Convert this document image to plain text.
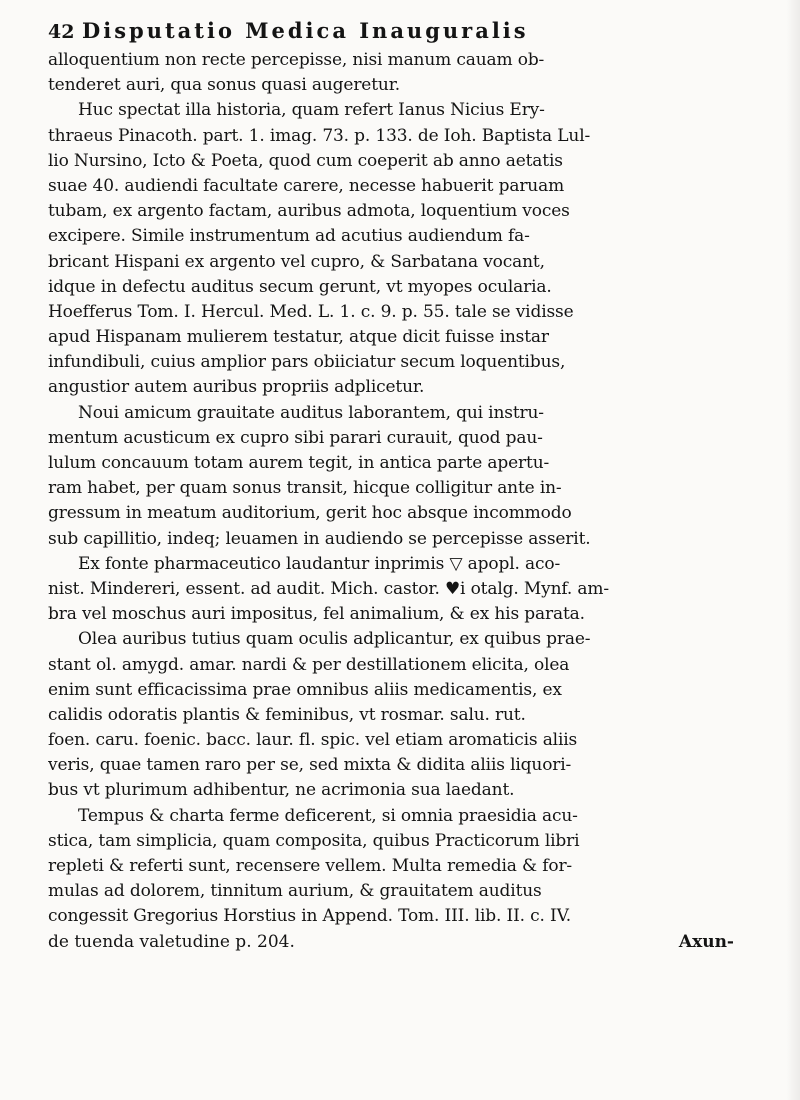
42 Disputatio Medica Inauguralis
alloquentium non recte percepisse, nisi manum cauam ob-
tenderet auri, qua sonus quasi augeretur.
Huc spectat illa historia, quam refert Ianus Nicius Ery-
thraeus Pinacoth. part. 1. imag. 73. p. 133. de Ioh. Baptista Lul-
lio Nursino, Icto & Poeta, quod cum coeperit ab anno aetatis
suae 40. audiendi facultate carere, necesse habuerit paruam
tubam, ex argento factam, auribus admota, loquentium voces
excipere. Simile instrumentum ad acutius audiendum fa-
bricant Hispani ex argento vel cupro, & Sarbatana vocant,
idque in defectu auditus secum gerunt, vt myopes ocularia.
Hoefferus Tom. I. Hercul. Med. L. 1. c. 9. p. 55. tale se vidisse
apud Hispanam mulierem testatur, atque dicit fuisse instar
infundibuli, cuius amplior pars obiiciatur secum loquentibus,
angustior autem auribus propriis adplicetur.
Noui amicum grauitate auditus laborantem, qui instru-
mentum acusticum ex cupro sibi parari curauit, quod pau-
lulum concauum totam aurem tegit, in antica parte apertu-
ram habet, per quam sonus transit, hicque colligitur ante in-
gressum in meatum auditorium, gerit hoc absque incommodo
sub capillitio, indeq; leuamen in audiendo se percepisse asserit.
Ex fonte pharmaceutico laudantur inprimis ▽ apopl. aco-
nist. Mindereri, essent. ad audit. Mich. castor. ♥i otalg. Mynf. am-
bra vel moschus auri impositus, fel animalium, & ex his parata.
Olea auribus tutius quam oculis adplicantur, ex quibus prae-
stant ol. amygd. amar. nardi & per destillationem elicita, olea
enim sunt efficacissima prae omnibus aliis medicamentis, ex
calidis odoratis plantis & feminibus, vt rosmar. salu. rut.
foen. caru. foenic. bacc. laur. fl. spic. vel etiam aromaticis aliis
veris, quae tamen raro per se, sed mixta & didita aliis liquori-
bus vt plurimum adhibentur, ne acrimonia sua laedant.
Tempus & charta ferme deficerent, si omnia praesidia acu-
stica, tam simplicia, quam composita, quibus Practicorum libri
repleti & referti sunt, recensere vellem. Multa remedia & for-
mulas ad dolorem, tinnitum aurium, & grauitatem auditus
congessit Gregorius Horstius in Append. Tom. III. lib. II. c. IV.
de tuenda valetudine p. 204.	Axun-
